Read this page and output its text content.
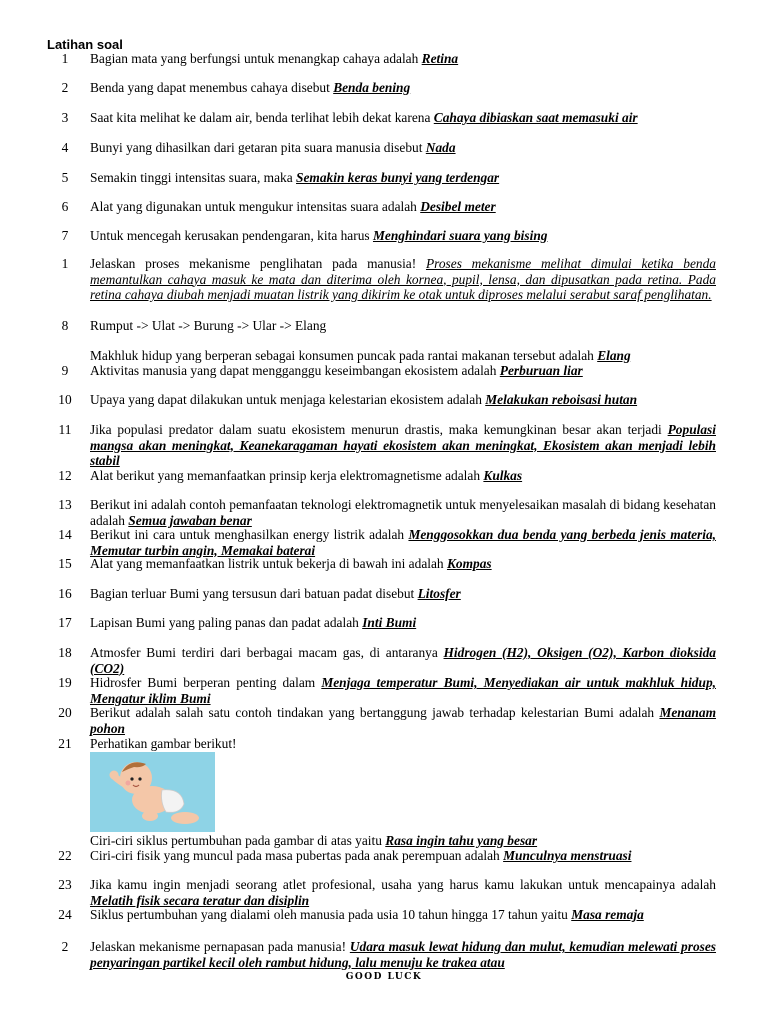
Latihan soal
1	Bagian mata yang berfungsi untuk menangkap cahaya adalah Retina
2	Benda yang dapat menembus cahaya disebut Benda bening
3	Saat kita melihat ke dalam air, benda terlihat lebih dekat karena Cahaya dibiaskan saat memasuki air
4	Bunyi yang dihasilkan dari getaran pita suara manusia disebut Nada
5	Semakin tinggi intensitas suara, maka Semakin keras bunyi yang terdengar
6	Alat yang digunakan untuk mengukur intensitas suara adalah Desibel meter
7	Untuk mencegah kerusakan pendengaran, kita harus Menghindari suara yang bising
1	Jelaskan proses mekanisme penglihatan pada manusia! Proses mekanisme melihat dimulai ketika benda memantulkan cahaya masuk ke mata dan diterima oleh kornea, pupil, lensa, dan dipusatkan pada retina. Pada retina cahaya diubah menjadi muatan listrik yang dikirim ke otak untuk diproses melalui serabut saraf penglihatan.
8	Rumput -> Ulat -> Burung -> Ular -> Elang
Makhluk hidup yang berperan sebagai konsumen puncak pada rantai makanan tersebut adalah Elang
9	Aktivitas manusia yang dapat mengganggu keseimbangan ekosistem adalah Perburuan liar
10	Upaya yang dapat dilakukan untuk menjaga kelestarian ekosistem adalah Melakukan reboisasi hutan
11	Jika populasi predator dalam suatu ekosistem menurun drastis, maka kemungkinan besar akan terjadi Populasi mangsa akan meningkat, Keanekaragaman hayati ekosistem akan meningkat, Ekosistem akan menjadi lebih stabil
12	Alat berikut yang memanfaatkan prinsip kerja elektromagnetisme adalah Kulkas
13	Berikut ini adalah contoh pemanfaatan teknologi elektromagnetik untuk menyelesaikan masalah di bidang kesehatan adalah Semua jawaban benar
14	Berikut ini cara untuk menghasilkan energy listrik adalah Menggosokkan dua benda yang berbeda jenis materia, Memutar turbin angin, Memakai baterai
15	Alat yang memanfaatkan listrik untuk bekerja di bawah ini adalah Kompas
16	Bagian terluar Bumi yang tersusun dari batuan padat disebut Litosfer
17	Lapisan Bumi yang paling panas dan padat adalah Inti Bumi
18	Atmosfer Bumi terdiri dari berbagai macam gas, di antaranya Hidrogen (H2), Oksigen (O2), Karbon dioksida (CO2)
19	Hidrosfer Bumi berperan penting dalam Menjaga temperatur Bumi, Menyediakan air untuk makhluk hidup, Mengatur iklim Bumi
20	Berikut adalah salah satu contoh tindakan yang bertanggung jawab terhadap kelestarian Bumi adalah Menanam pohon
21	Perhatikan gambar berikut!
Ciri-ciri siklus pertumbuhan pada gambar di atas yaitu Rasa ingin tahu yang besar
22	Ciri-ciri fisik yang muncul pada masa pubertas pada anak perempuan adalah Munculnya menstruasi
23	Jika kamu ingin menjadi seorang atlet profesional, usaha yang harus kamu lakukan untuk mencapainya adalah Melatih fisik secara teratur dan disiplin
24	Siklus pertumbuhan yang dialami oleh manusia pada usia 10 tahun hingga 17 tahun yaitu Masa remaja
2	Jelaskan mekanisme pernapasan pada manusia! Udara masuk lewat hidung dan mulut, kemudian melewati proses penyaringan partikel kecil oleh rambut hidung, lalu menuju ke trakea atau
GOOD LUCK
